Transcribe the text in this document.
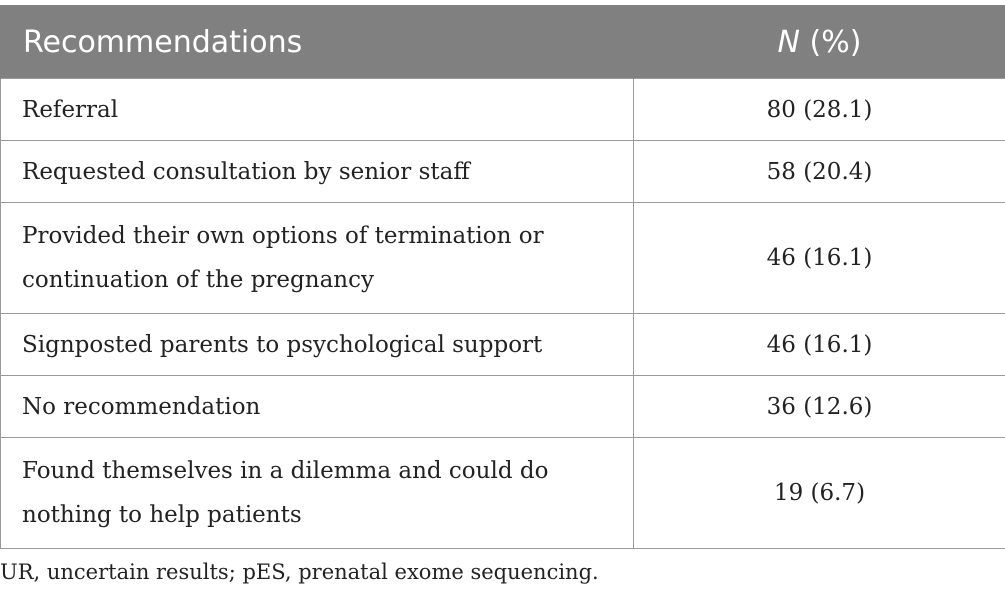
Recommendations	N (%)
Referral	80 (28.1)
Requested consultation by senior staff	58 (20.4)
Provided their own options of termination or continuation of the pregnancy	46 (16.1)
Signposted parents to psychological support	46 (16.1)
No recommendation	36 (12.6)
Found themselves in a dilemma and could do nothing to help patients	19 (6.7)
UR, uncertain results; pES, prenatal exome sequencing.
